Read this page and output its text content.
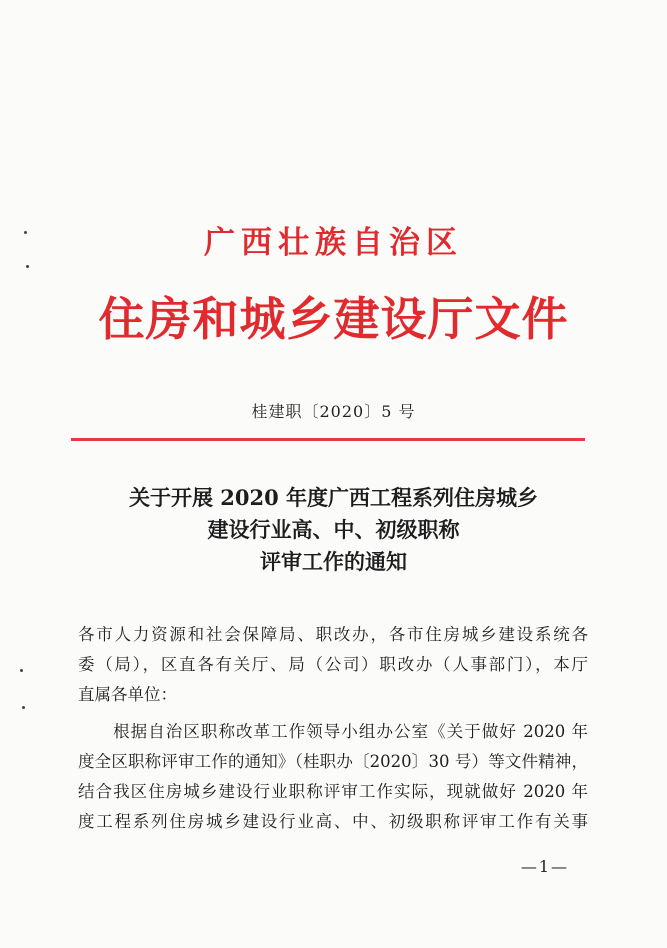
广西壮族自治区
住房和城乡建设厅文件
桂建职〔2020〕5 号
关于开展 2020 年度广西工程系列住房城乡
建设行业高、中、初级职称
评审工作的通知
各市人力资源和社会保障局、职改办，各市住房城乡建设系统各
委（局），区直各有关厅、局（公司）职改办（人事部门），本厅
直属各单位：
　　根据自治区职称改革工作领导小组办公室《关于做好 2020 年
度全区职称评审工作的通知》（桂职办〔2020〕30 号）等文件精神，
结合我区住房城乡建设行业职称评审工作实际，现就做好 2020 年
度工程系列住房城乡建设行业高、中、初级职称评审工作有关事
—1—
